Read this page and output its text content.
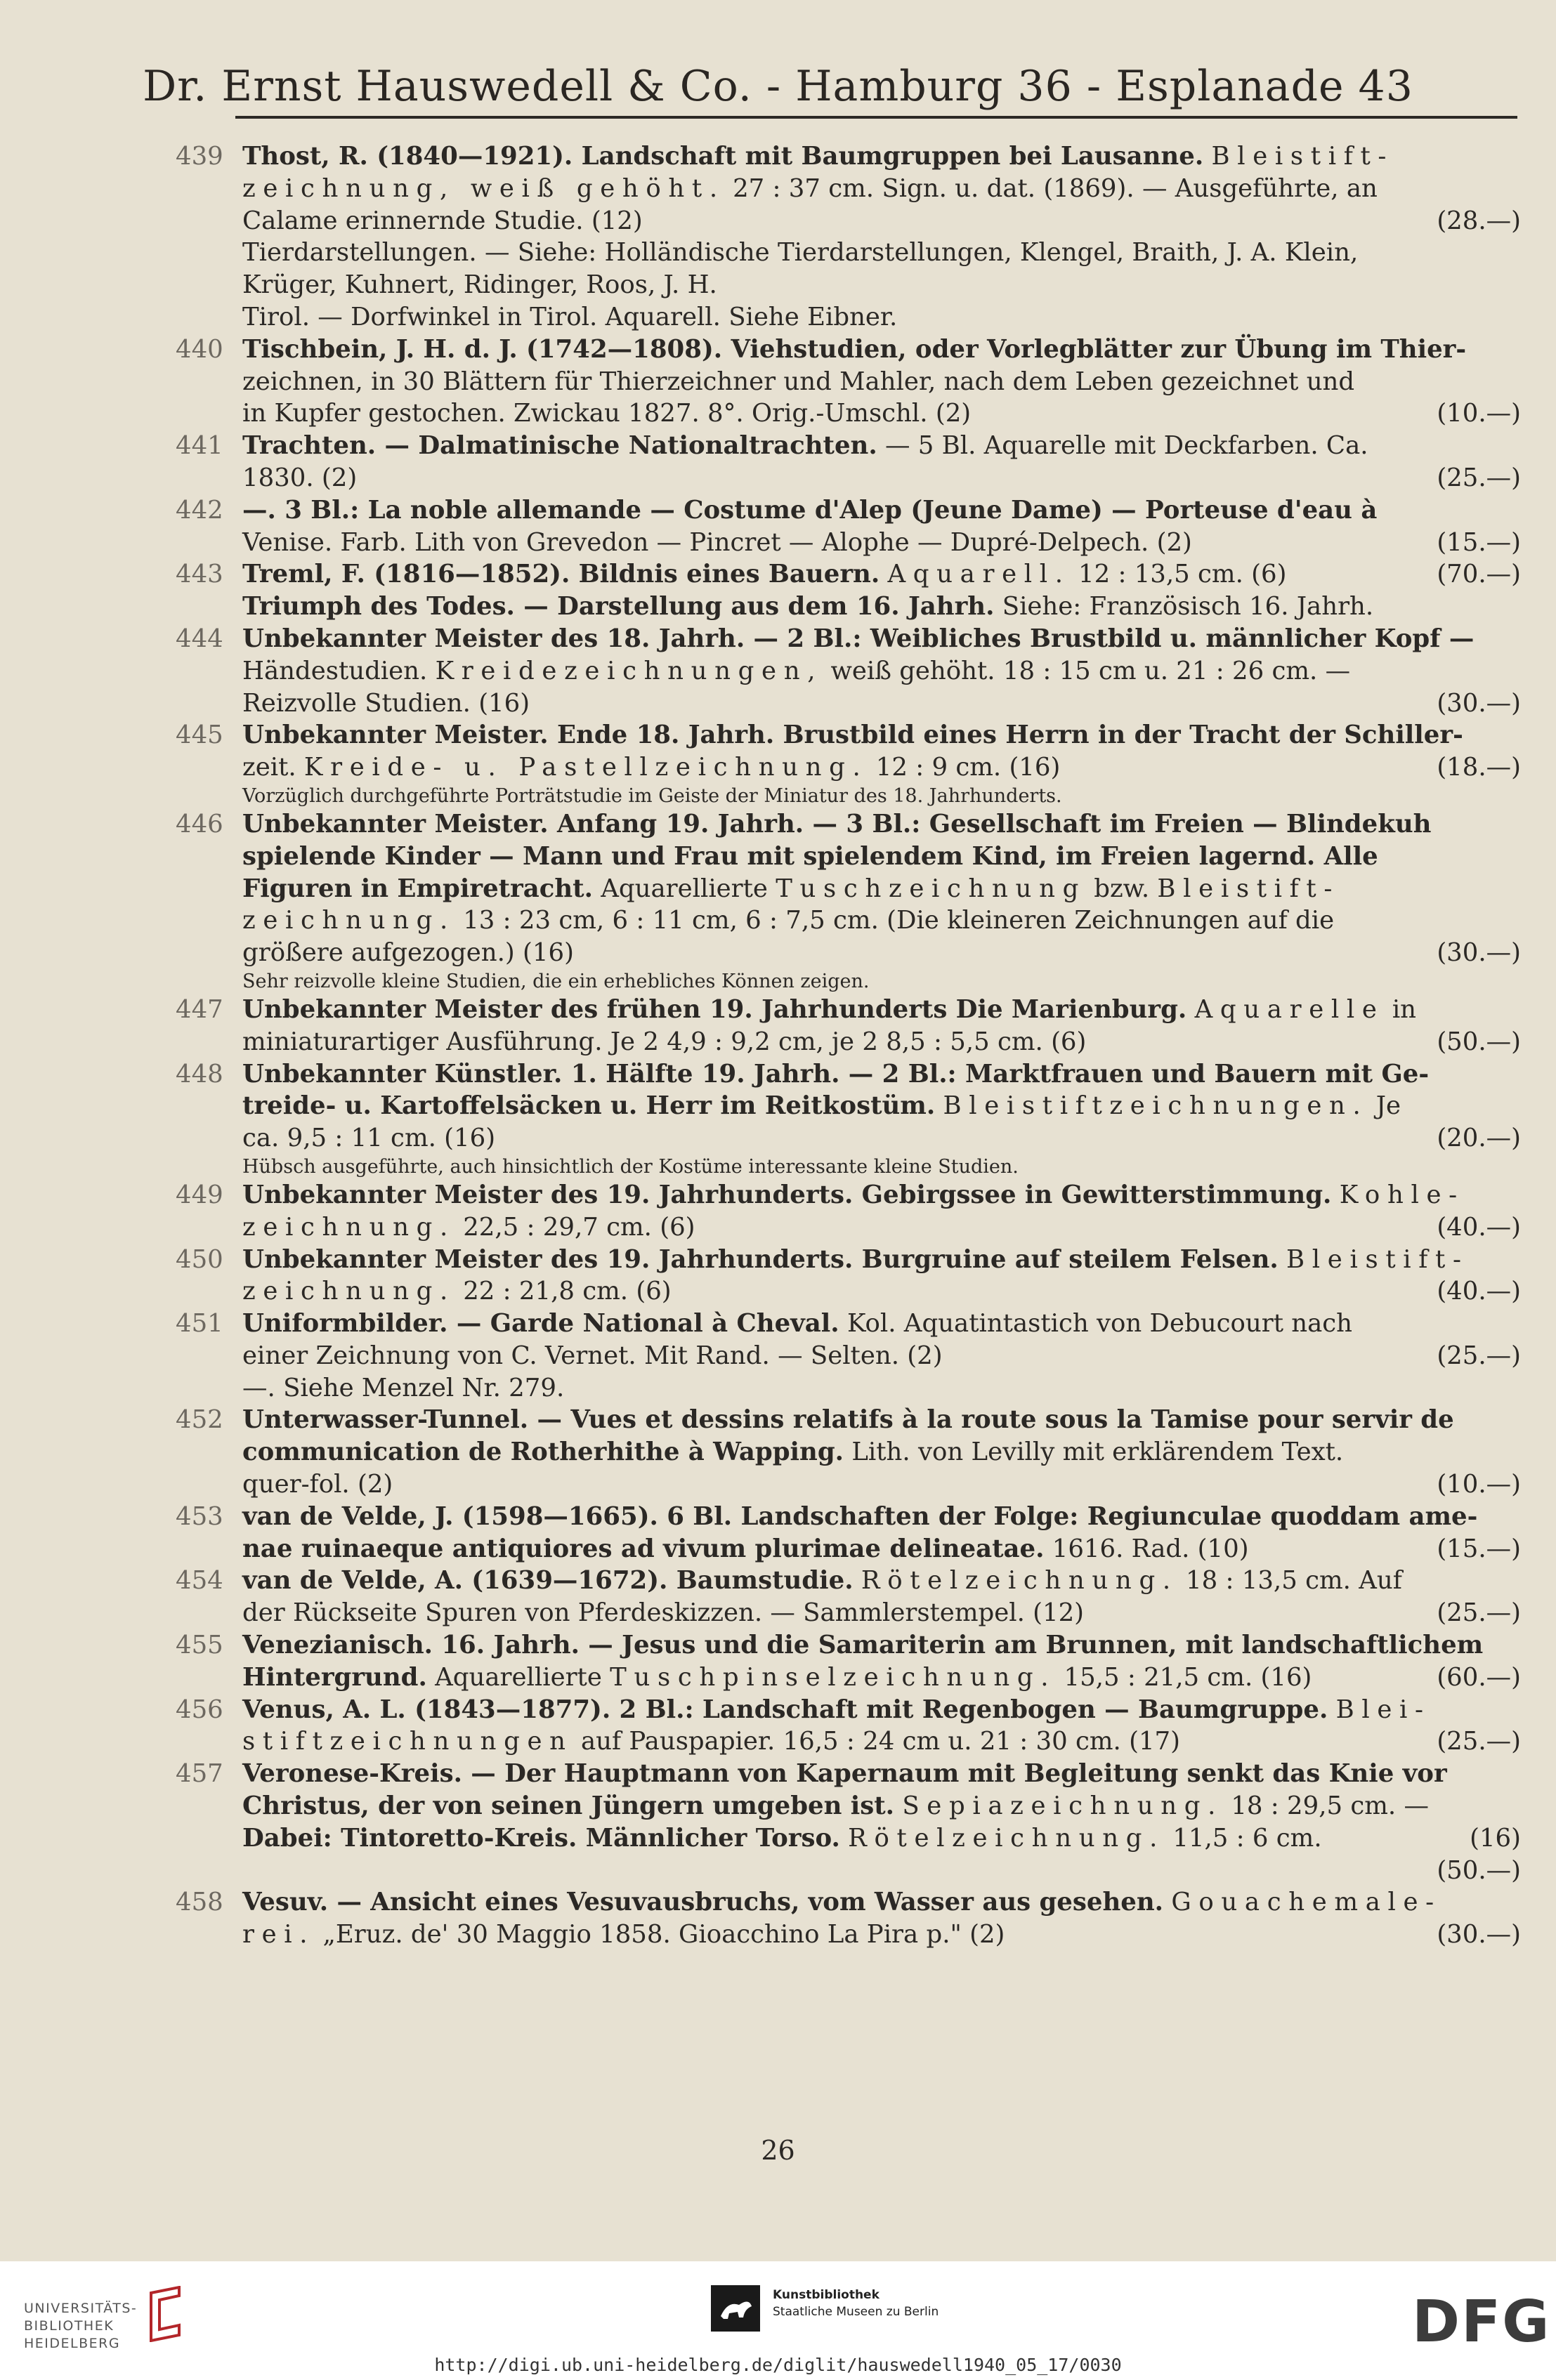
Dr. Ernst Hauswedell & Co. - Hamburg 36 - Esplanade 43
439 Thost, R. (1840—1921). Landschaft mit Baumgruppen bei Lausanne. Bleistift-
zeichnung, weiß gehöht. 27 : 37 cm. Sign. u. dat. (1869). — Ausgeführte, an
Calame erinnernde Studie. (12)	(28.—)
Tierdarstellungen. — Siehe: Holländische Tierdarstellungen, Klengel, Braith, J. A. Klein,
Krüger, Kuhnert, Ridinger, Roos, J. H.
Tirol. — Dorfwinkel in Tirol. Aquarell. Siehe Eibner.
440 Tischbein, J. H. d. J. (1742—1808). Viehstudien, oder Vorlegblätter zur Übung im Thier-
zeichnen, in 30 Blättern für Thierzeichner und Mahler, nach dem Leben gezeichnet und
in Kupfer gestochen. Zwickau 1827. 8°. Orig.-Umschl. (2)	(10.—)
441 Trachten. — Dalmatinische Nationaltrachten. — 5 Bl. Aquarelle mit Deckfarben. Ca.
1830. (2)	(25.—)
442 —. 3 Bl.: La noble allemande — Costume d'Alep (Jeune Dame) — Porteuse d'eau à
Venise. Farb. Lith von Grevedon — Pincret — Alophe — Dupré-Delpech. (2)	(15.—)
443 Treml, F. (1816—1852). Bildnis eines Bauern. Aquarell. 12 : 13,5 cm. (6)	(70.—)
Triumph des Todes. — Darstellung aus dem 16. Jahrh. Siehe: Französisch 16. Jahrh.
444 Unbekannter Meister des 18. Jahrh. — 2 Bl.: Weibliches Brustbild u. männlicher Kopf —
Händestudien. Kreidezeichnungen, weiß gehöht. 18 : 15 cm u. 21 : 26 cm. —
Reizvolle Studien. (16)	(30.—)
445 Unbekannter Meister. Ende 18. Jahrh. Brustbild eines Herrn in der Tracht der Schiller-
zeit. Kreide- u. Pastellzeichnung. 12 : 9 cm. (16)	(18.—)
Vorzüglich durchgeführte Porträtstudie im Geiste der Miniatur des 18. Jahrhunderts.
446 Unbekannter Meister. Anfang 19. Jahrh. — 3 Bl.: Gesellschaft im Freien — Blindekuh
spielende Kinder — Mann und Frau mit spielendem Kind, im Freien lagernd. Alle
Figuren in Empiretracht. Aquarellierte Tuschzeichnung bzw. Bleistift-
zeichnung. 13 : 23 cm, 6 : 11 cm, 6 : 7,5 cm. (Die kleineren Zeichnungen auf die
größere aufgezogen.) (16)	(30.—)
Sehr reizvolle kleine Studien, die ein erhebliches Können zeigen.
447 Unbekannter Meister des frühen 19. Jahrhunderts Die Marienburg. Aquarelle in
miniaturartiger Ausführung. Je 2 4,9 : 9,2 cm, je 2 8,5 : 5,5 cm. (6)	(50.—)
448 Unbekannter Künstler. 1. Hälfte 19. Jahrh. — 2 Bl.: Marktfrauen und Bauern mit Ge-
treide- u. Kartoffelsäcken u. Herr im Reitkostüm. Bleistiftzeichnungen. Je
ca. 9,5 : 11 cm. (16)	(20.—)
Hübsch ausgeführte, auch hinsichtlich der Kostüme interessante kleine Studien.
449 Unbekannter Meister des 19. Jahrhunderts. Gebirgssee in Gewitterstimmung. Kohle-
zeichnung. 22,5 : 29,7 cm. (6)	(40.—)
450 Unbekannter Meister des 19. Jahrhunderts. Burgruine auf steilem Felsen. Bleistift-
zeichnung. 22 : 21,8 cm. (6)	(40.—)
451 Uniformbilder. — Garde National à Cheval. Kol. Aquatintastich von Debucourt nach
einer Zeichnung von C. Vernet. Mit Rand. — Selten. (2)	(25.—)
—. Siehe Menzel Nr. 279.
452 Unterwasser-Tunnel. — Vues et dessins relatifs à la route sous la Tamise pour servir de
communication de Rotherhithe à Wapping. Lith. von Levilly mit erklärendem Text.
quer-fol. (2)	(10.—)
453 van de Velde, J. (1598—1665). 6 Bl. Landschaften der Folge: Regiunculae quoddam ame-
nae ruinaeque antiquiores ad vivum plurimae delineatae. 1616. Rad. (10)	(15.—)
454 van de Velde, A. (1639—1672). Baumstudie. Rötelzeichnung. 18 : 13,5 cm. Auf
der Rückseite Spuren von Pferdeskizzen. — Sammlerstempel. (12)	(25.—)
455 Venezianisch. 16. Jahrh. — Jesus und die Samariterin am Brunnen, mit landschaftlichem
Hintergrund. Aquarellierte Tuschpinselzeichnung. 15,5 : 21,5 cm. (16)	(60.—)
456 Venus, A. L. (1843—1877). 2 Bl.: Landschaft mit Regenbogen — Baumgruppe. Blei-
stiftzeichnungen auf Pauspapier. 16,5 : 24 cm u. 21 : 30 cm. (17)	(25.—)
457 Veronese-Kreis. — Der Hauptmann von Kapernaum mit Begleitung senkt das Knie vor
Christus, der von seinen Jüngern umgeben ist. Sepiazeichnung. 18 : 29,5 cm. —
Dabei: Tintoretto-Kreis. Männlicher Torso. Rötelzeichnung. 11,5 : 6 cm.	(16)
(50.—)
458 Vesuv. — Ansicht eines Vesuvausbruchs, vom Wasser aus gesehen. Gouachemale-
rei. „Eruz. de' 30 Maggio 1858. Gioacchino La Pira p." (2)	(30.—)
26
UNIVERSITÄTS-
BIBLIOTHEK
HEIDELBERG
Kunstbibliothek
Staatliche Museen zu Berlin	DFG
http://digi.ub.uni-heidelberg.de/diglit/hauswedell1940_05_17/0030
